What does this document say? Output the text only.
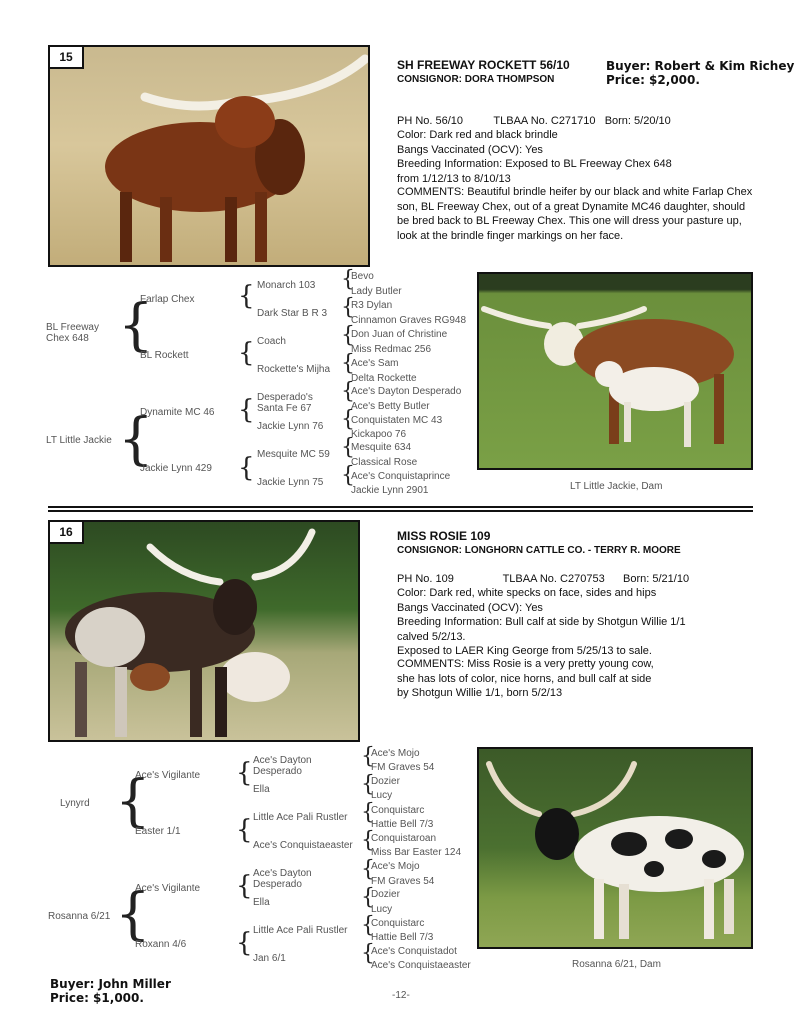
15
SH FREEWAY ROCKETT 56/10
CONSIGNOR: DORA THOMPSON
Buyer: Robert & Kim Richey
Price: $2,000.

PH No. 56/10          TLBAA No. C271710   Born: 5/20/10
Color: Dark red and black brindle
Bangs Vaccinated (OCV): Yes
Breeding Information: Exposed to BL Freeway Chex 648
from 1/12/13 to 8/10/13
COMMENTS: Beautiful brindle heifer by our black and white Farlap Chex son, BL Freeway Chex, out of a great Dynamite MC46 daughter, should be bred back to BL Freeway Chex. This one will dress your pasture up, look at the brindle finger markings on her face.
BL Freeway Chex 648
LT Little Jackie
{
{
Farlap Chex
BL Rockett
Dynamite MC 46
Jackie Lynn 429
{
{
{
{
Monarch 103
Dark Star B R 3
Coach
Rockette's Mijha
Desperado's Santa Fe 67
Jackie Lynn 76
Mesquite MC 59
Jackie Lynn 75
{
{
{
{
{
{
{
{
Bevo
Lady Butler
R3 Dylan
Cinnamon Graves RG948
Don Juan of Christine
Miss Redmac 256
Ace's Sam
Delta Rockette
Ace's Dayton Desperado
Ace's Betty Butler
Conquistaten MC 43
Kickapoo 76
Mesquite 634
Classical Rose
Ace's Conquistaprince
Jackie Lynn 2901	LT Little Jackie, Dam
16	MISS ROSIE 109
CONSIGNOR: LONGHORN CATTLE CO. - TERRY R. MOORE

PH No. 109                TLBAA No. C270753      Born: 5/21/10
Color: Dark red, white specks on face, sides and hips
Bangs Vaccinated (OCV): Yes
Breeding Information: Bull calf at side by Shotgun Willie 1/1
calved 5/2/13.
Exposed to LAER King George from 5/25/13 to sale.
COMMENTS: Miss Rosie is a very pretty young cow,
she has lots of color, nice horns, and bull calf at side
by Shotgun Willie 1/1, born 5/2/13
Lynyrd
Rosanna 6/21
{
{
Ace's Vigilante
Easter 1/1
Ace's Vigilante
Roxann 4/6
{
{
{
{
Ace's Dayton Desperado
Ella
Little Ace Pali Rustler
Ace's Conquistaeaster
Ace's Dayton Desperado
Ella
Little Ace Pali Rustler
Jan 6/1
{
{
{
{
{
{
{
{
Ace's Mojo
FM Graves 54
Dozier
Lucy
Conquistarc
Hattie Bell 7/3
Conquistaroan
Miss Bar Easter 124
Ace's Mojo
FM Graves 54
Dozier
Lucy
Conquistarc
Hattie Bell 7/3
Ace's Conquistadot
Ace's Conquistaeaster	Rosanna 6/21, Dam
Buyer: John Miller
Price: $1,000.	-12-
